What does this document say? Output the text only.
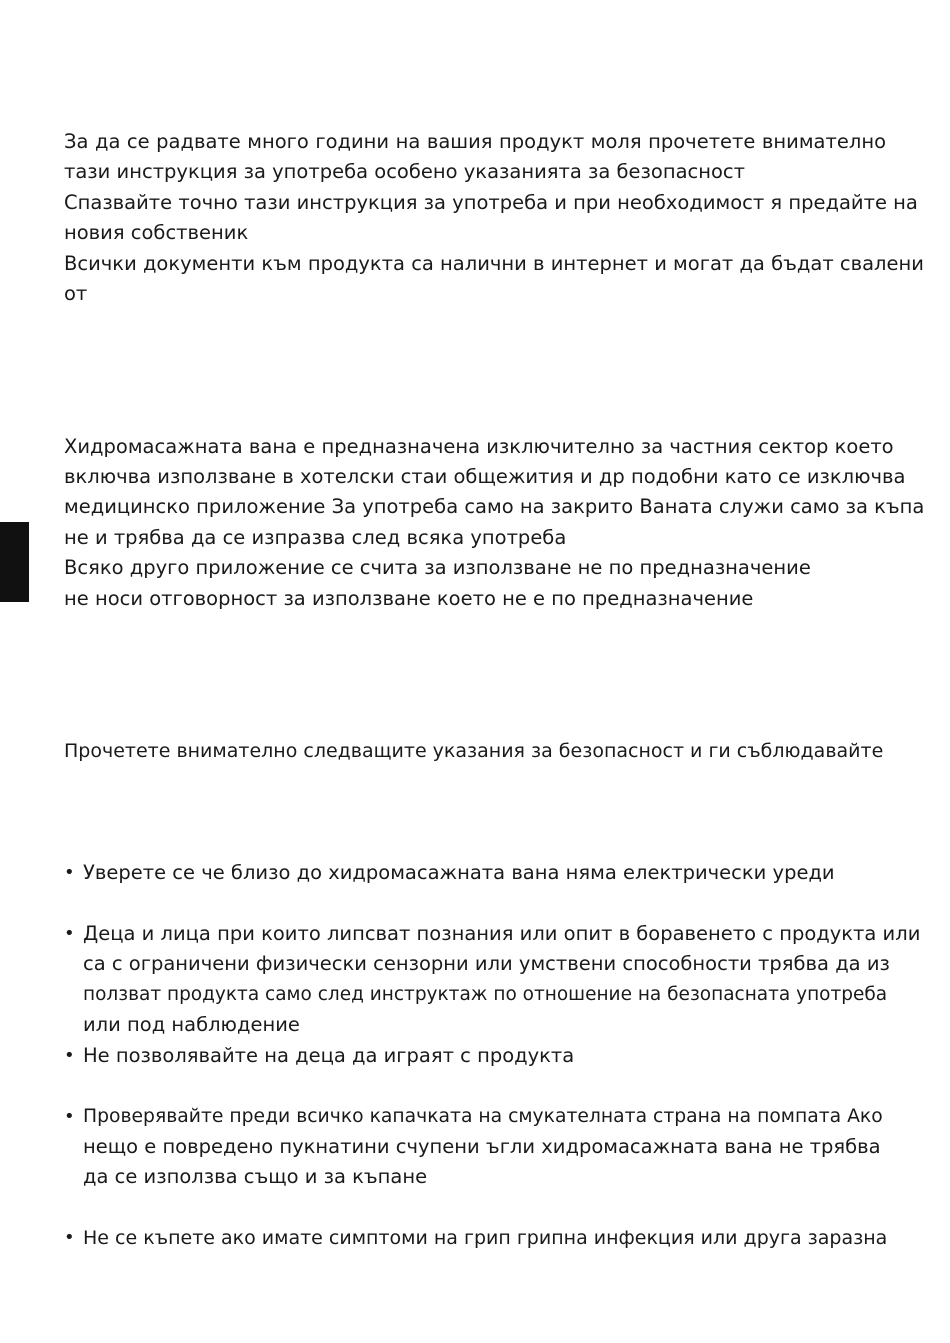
За да се радвате много години на вашия продукт моля прочетете внимателно
тази инструкция за употреба особено указанията за безопасност
Спазвайте точно тази инструкция за употреба и при необходимост я предайте на
новия собственик
Всички документи към продукта са налични в интернет и могат да бъдат свалени
от
Хидромасажната вана е предназначена изключително за частния сектор което
включва използване в хотелски стаи общежития и др подобни като се изключва
медицинско приложение За употреба само на закрито Ваната служи само за къпа
не и трябва да се изпразва след всяка употреба
Всяко друго приложение се счита за използване не по предназначение
не носи отговорност за използване което не е по предназначение
Прочетете внимателно следващите указания за безопасност и ги съблюдавайте
• Уверете се че близо до хидромасажната вана няма електрически уреди
• Деца и лица при които липсват познания или опит в боравенето с продукта или
са с ограничени физически сензорни или умствени способности трябва да из
ползват продукта само след инструктаж по отношение на безопасната употреба
или под наблюдение
• Не позволявайте на деца да играят с продукта
• Проверявайте преди всичко капачката на смукателната страна на помпата Ако
нещо е повредено пукнатини счупени ъгли хидромасажната вана не трябва
да се използва също и за къпане
• Не се къпете ако имате симптоми на грип грипна инфекция или друга заразна
